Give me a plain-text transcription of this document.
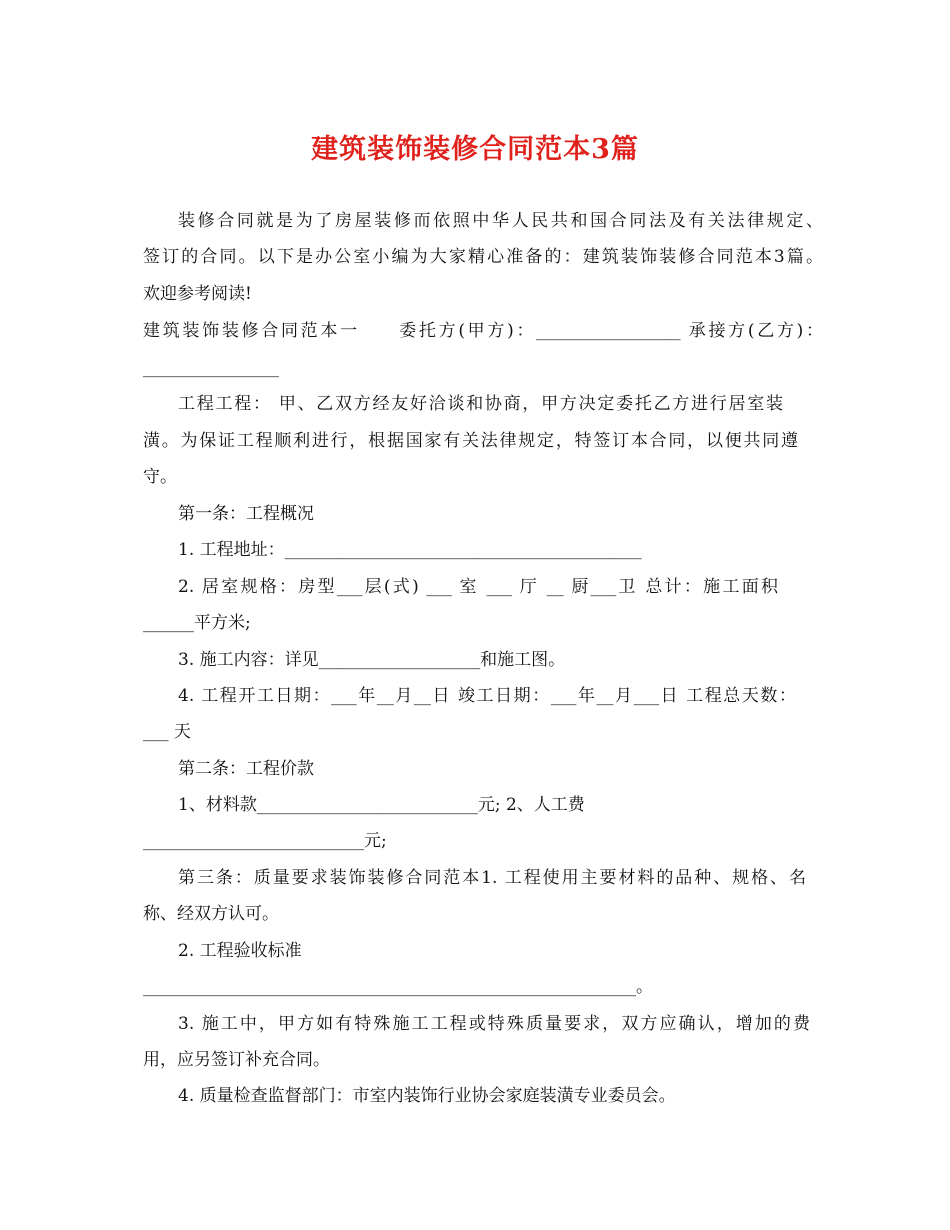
建筑装饰装修合同范本3篇
装修合同就是为了房屋装修而依照中华人民共和国合同法及有关法律规定、
签订的合同。以下是办公室小编为大家精心准备的：建筑装饰装修合同范本3篇。
欢迎参考阅读!
建筑装饰装修合同范本一　　委托方(甲方)：_________________ 承接方(乙方)：
________________
工程工程： 甲、乙双方经友好洽谈和协商，甲方决定委托乙方进行居室装
潢。为保证工程顺利进行，根据国家有关法律规定，特签订本合同，以便共同遵
守。
第一条：工程概况
1. 工程地址：__________________________________________
2. 居室规格：房型___层(式) ___ 室 ___ 厅 __ 厨___卫 总计：施工面积
______平方米;
3. 施工内容：详见___________________和施工图。
4. 工程开工日期：___年__月__日 竣工日期：___年__月___日 工程总天数：
___ 天
第二条：工程价款
1、材料款__________________________元; 2、人工费
__________________________元;
第三条：质量要求装饰装修合同范本1. 工程使用主要材料的品种、规格、名
称、经双方认可。
2. 工程验收标准
__________________________________________________________。
3. 施工中，甲方如有特殊施工工程或特殊质量要求，双方应确认，增加的费
用，应另签订补充合同。
4. 质量检查监督部门：市室内装饰行业协会家庭装潢专业委员会。
